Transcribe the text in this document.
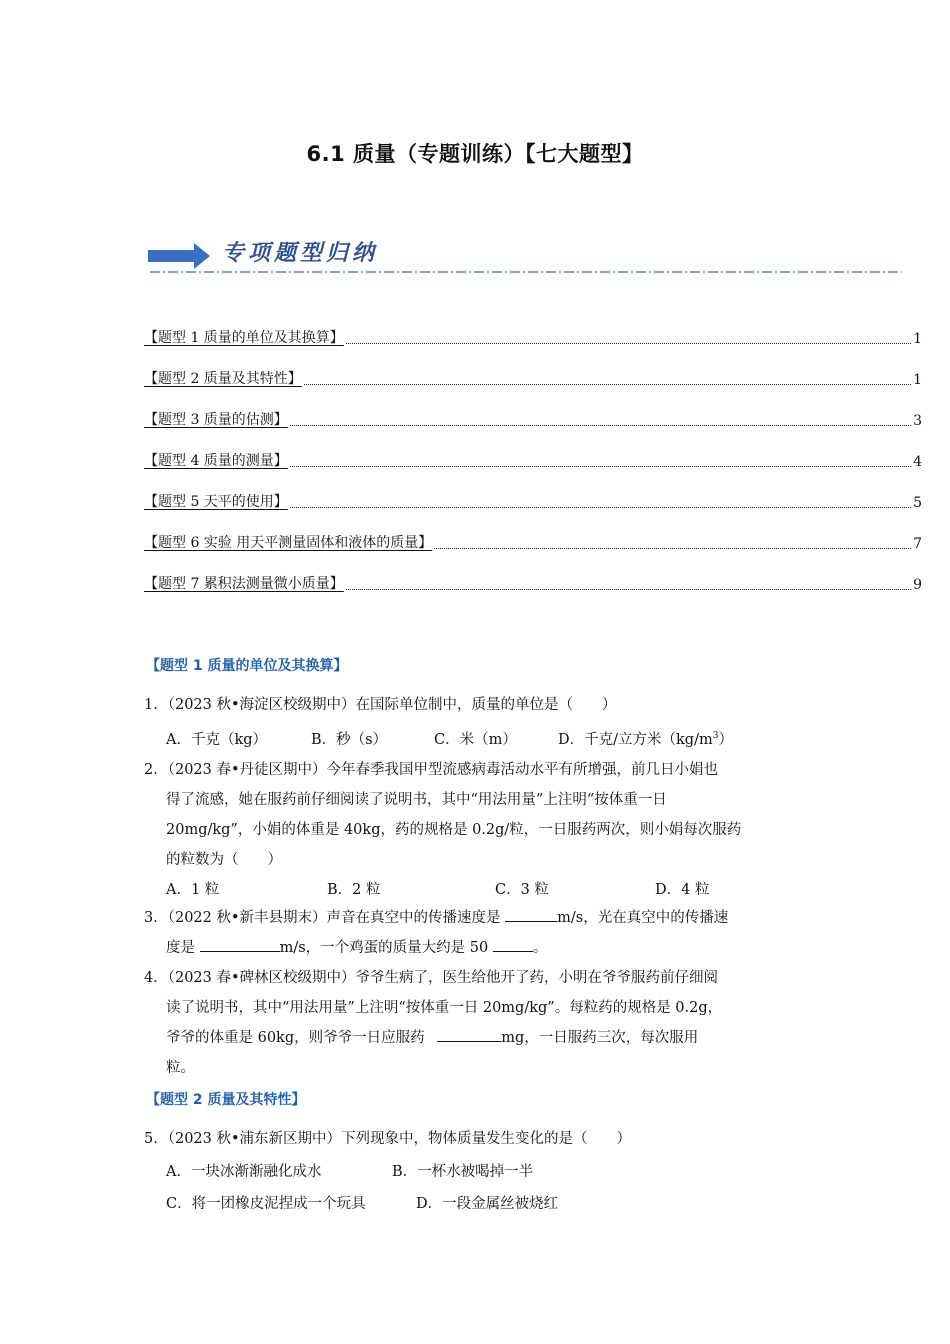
6.1 质量（专题训练）【七大题型】
专项题型归纳
【题型 1 质量的单位及其换算】	1
【题型 2 质量及其特性】	1
【题型 3 质量的估测】	3
【题型 4 质量的测量】	4
【题型 5 天平的使用】	5
【题型 6 实验 用天平测量固体和液体的质量】	7
【题型 7 累积法测量微小质量】	9
【题型 1 质量的单位及其换算】
1．（2023 秋•海淀区校级期中）在国际单位制中，质量的单位是（　　）
A．千克（kg）	B．秒（s）	C．米（m）	D．千克/立方米$(kg/m^3)$
2．（2023 春•丹徒区期中）今年春季我国甲型流感病毒活动水平有所增强，前几日小娟也
得了流感，她在服药前仔细阅读了说明书，其中“用法用量”上注明“按体重一日
20mg/kg”，小娟的体重是 40kg，药的规格是 0.2g/粒，一日服药两次，则小娟每次服药
的粒数为（　　）
A．1 粒	B．2 粒	C．3 粒	D．4 粒
3．（2022 秋•新丰县期末）声音在真空中的传播速度是	m/s，光在真空中的传播速
度是	m/s，一个鸡蛋的质量大约是 50	。
4．（2023 春•碑林区校级期中）爷爷生病了，医生给他开了药，小明在爷爷服药前仔细阅
读了说明书，其中“用法用量”上注明“按体重一日 20mg/kg”。每粒药的规格是 0.2g，
爷爷的体重是 60kg，则爷爷一日应服药	mg，一日服药三次，每次服用
粒。
【题型 2 质量及其特性】
5．（2023 秋•浦东新区期中）下列现象中，物体质量发生变化的是（　　）
A．一块冰渐渐融化成水	B．一杯水被喝掉一半
C．将一团橡皮泥捏成一个玩具	D．一段金属丝被烧红
